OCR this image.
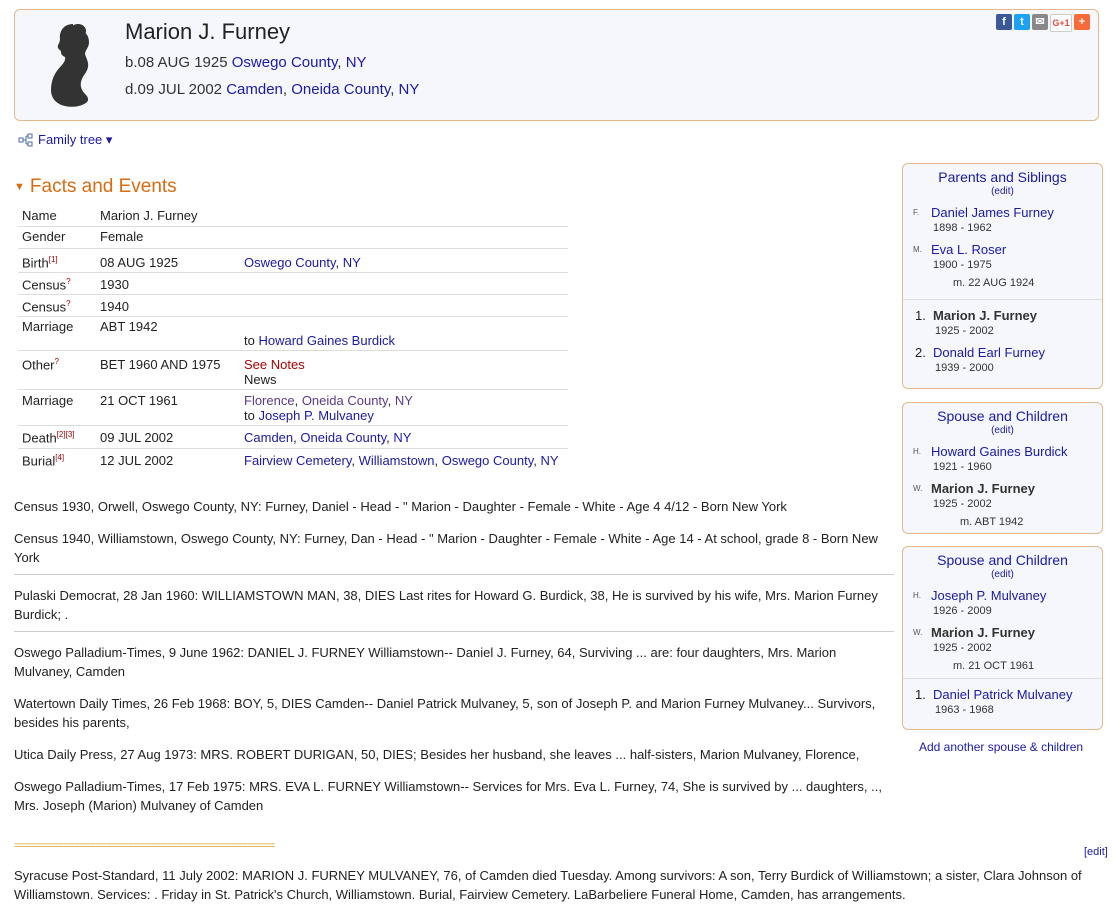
Marion J. Furney
b.08 AUG 1925 Oswego County, NY
d.09 JUL 2002 Camden, Oneida County, NY
f	t	✉ G+1 +
Family tree ▾
▼ Facts and Events
Name	Marion J. Furney	
Gender	Female	
Birth[1]	08 AUG 1925	Oswego County, NY
Census?	1930	
Census?	1940	
Marriage	ABT 1942	to Howard Gaines Burdick
Other?	BET 1960 AND 1975	See Notes
News
Marriage	21 OCT 1961	Florence, Oneida County, NY
to Joseph P. Mulvaney
Death[2][3]	09 JUL 2002	Camden, Oneida County, NY
Burial[4]	12 JUL 2002	Fairview Cemetery, Williamstown, Oswego County, NY

Census 1930, Orwell, Oswego County, NY: Furney, Daniel - Head - " Marion - Daughter - Female - White - Age 4 4/12 - Born New York

Census 1940, Williamstown, Oswego County, NY: Furney, Dan - Head - " Marion - Daughter - Female - White - Age 14 - At school, grade 8 - Born New York

Pulaski Democrat, 28 Jan 1960: WILLIAMSTOWN MAN, 38, DIES Last rites for Howard G. Burdick, 38, He is survived by his wife, Mrs. Marion Furney Burdick; .

Oswego Palladium-Times, 9 June 1962: DANIEL J. FURNEY Williamstown-- Daniel J. Furney, 64, Surviving ... are: four daughters, Mrs. Marion Mulvaney, Camden

Watertown Daily Times, 26 Feb 1968: BOY, 5, DIES Camden-- Daniel Patrick Mulvaney, 5, son of Joseph P. and Marion Furney Mulvaney... Survivors, besides his parents,

Utica Daily Press, 27 Aug 1973: MRS. ROBERT DURIGAN, 50, DIES; Besides her husband, she leaves ... half-sisters, Marion Mulvaney, Florence,

Oswego Palladium-Times, 17 Feb 1975: MRS. EVA L. FURNEY Williamstown-- Services for Mrs. Eva L. Furney, 74, She is survived by ... daughters, .., Mrs. Joseph (Marion) Mulvaney of Camden

================================================	[edit]
Syracuse Post-Standard, 11 July 2002: MARION J. FURNEY MULVANEY, 76, of Camden died Tuesday. Among survivors: A son, Terry Burdick of Williamstown; a sister, Clara Johnson of Williamstown. Services: . Friday in St. Patrick's Church, Williamstown. Burial, Fairview Cemetery. LaBarbeliere Funeral Home, Camden, has arrangements.
Parents and Siblings
(edit)
F. Daniel James Furney
1898 - 1962
M. Eva L. Roser
1900 - 1975
m. 22 AUG 1924
1. Marion J. Furney
1925 - 2002
2. Donald Earl Furney
1939 - 2000
Spouse and Children
(edit)
H. Howard Gaines Burdick
1921 - 1960
W. Marion J. Furney
1925 - 2002
m. ABT 1942
Spouse and Children
(edit)
H. Joseph P. Mulvaney
1926 - 2009
W. Marion J. Furney
1925 - 2002
m. 21 OCT 1961
1. Daniel Patrick Mulvaney
1963 - 1968
Add another spouse & children
